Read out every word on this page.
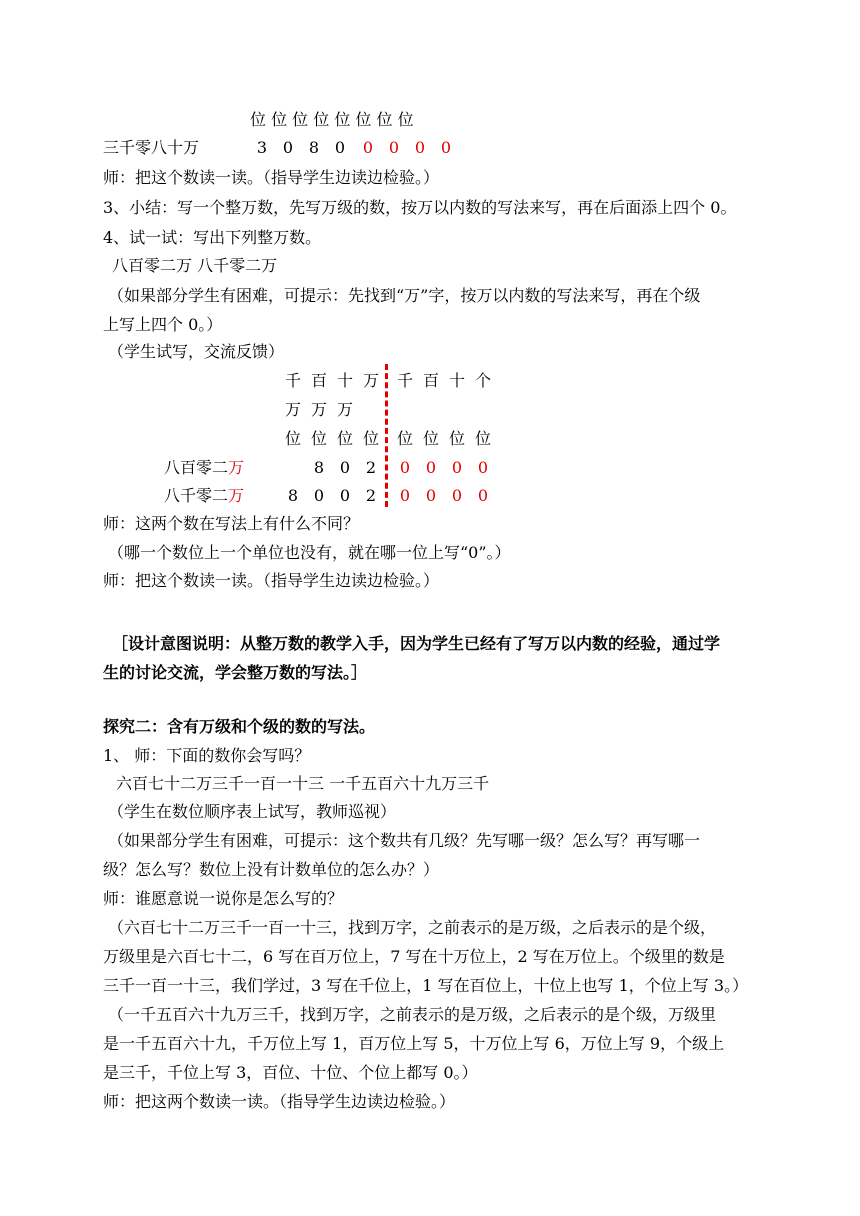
位 位 位 位 位 位 位 位
三千零八十万	3 0 8 0	0 0 0 0
师：把这个数读一读。（指导学生边读边检验。）
3、小结：写一个整万数，先写万级的数，按万以内数的写法来写，再在后面添上四个 0。
4、试一试：写出下列整万数。
八百零二万 八千零二万
（如果部分学生有困难，可提示：先找到“万”字，按万以内数的写法来写，再在个级
上写上四个 0。）
（学生试写，交流反馈）
千 百 十 万 千 百 十 个
万 万 万
位 位 位 位 位 位 位 位
八百零二万	8 0 2	0 0 0 0
八千零二万	8 0 0 2	0 0 0 0
师：这两个数在写法上有什么不同？
（哪一个数位上一个单位也没有，就在哪一位上写“0”。）
师：把这个数读一读。（指导学生边读边检验。）
［设计意图说明：从整万数的教学入手，因为学生已经有了写万以内数的经验，通过学
生的讨论交流，学会整万数的写法。］
探究二：含有万级和个级的数的写法。
1、 师：下面的数你会写吗？
六百七十二万三千一百一十三 一千五百六十九万三千
（学生在数位顺序表上试写，教师巡视）
（如果部分学生有困难，可提示：这个数共有几级？先写哪一级？怎么写？再写哪一
级？怎么写？数位上没有计数单位的怎么办？）
师：谁愿意说一说你是怎么写的？
（六百七十二万三千一百一十三，找到万字，之前表示的是万级，之后表示的是个级，
万级里是六百七十二，6 写在百万位上，7 写在十万位上，2 写在万位上。个级里的数是
三千一百一十三，我们学过，3 写在千位上，1 写在百位上，十位上也写 1，个位上写 3。）
（一千五百六十九万三千，找到万字，之前表示的是万级，之后表示的是个级，万级里
是一千五百六十九，千万位上写 1，百万位上写 5，十万位上写 6，万位上写 9，个级上
是三千，千位上写 3，百位、十位、个位上都写 0。）
师：把这两个数读一读。（指导学生边读边检验。）
